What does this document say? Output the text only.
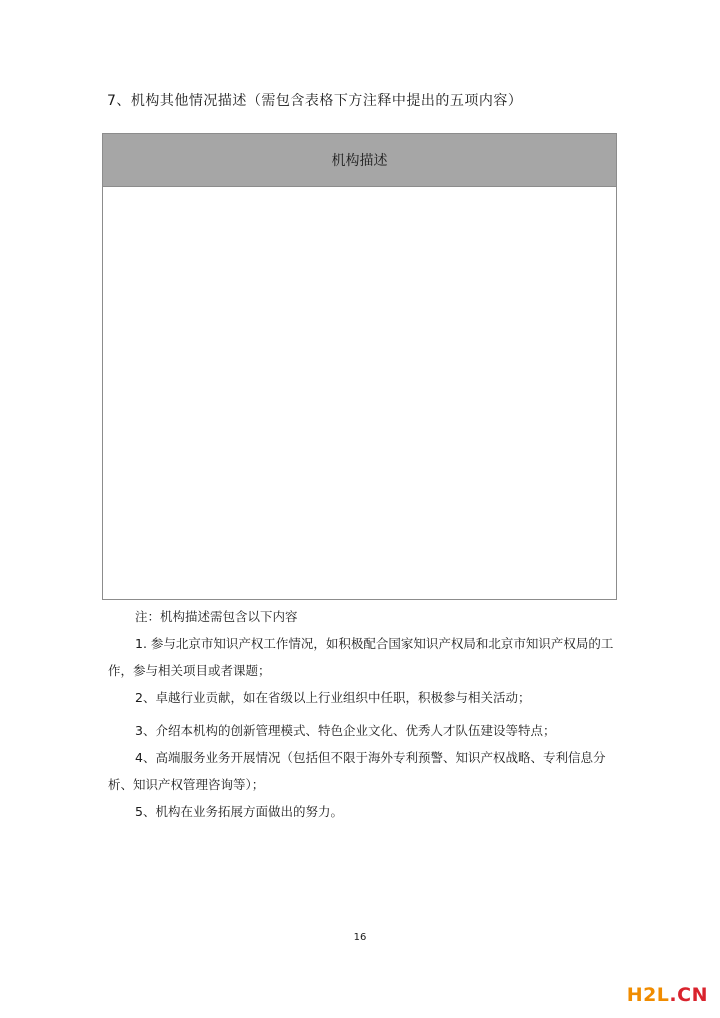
7、机构其他情况描述（需包含表格下方注释中提出的五项内容）
机构描述
注：机构描述需包含以下内容
1. 参与北京市知识产权工作情况，如积极配合国家知识产权局和北京市知识产权局的工作，参与相关项目或者课题；
2、卓越行业贡献，如在省级以上行业组织中任职，积极参与相关活动；
3、介绍本机构的创新管理模式、特色企业文化、优秀人才队伍建设等特点；
4、高端服务业务开展情况（包括但不限于海外专利预警、知识产权战略、专利信息分析、知识产权管理咨询等）；
5、机构在业务拓展方面做出的努力。
16
H2L.CN
